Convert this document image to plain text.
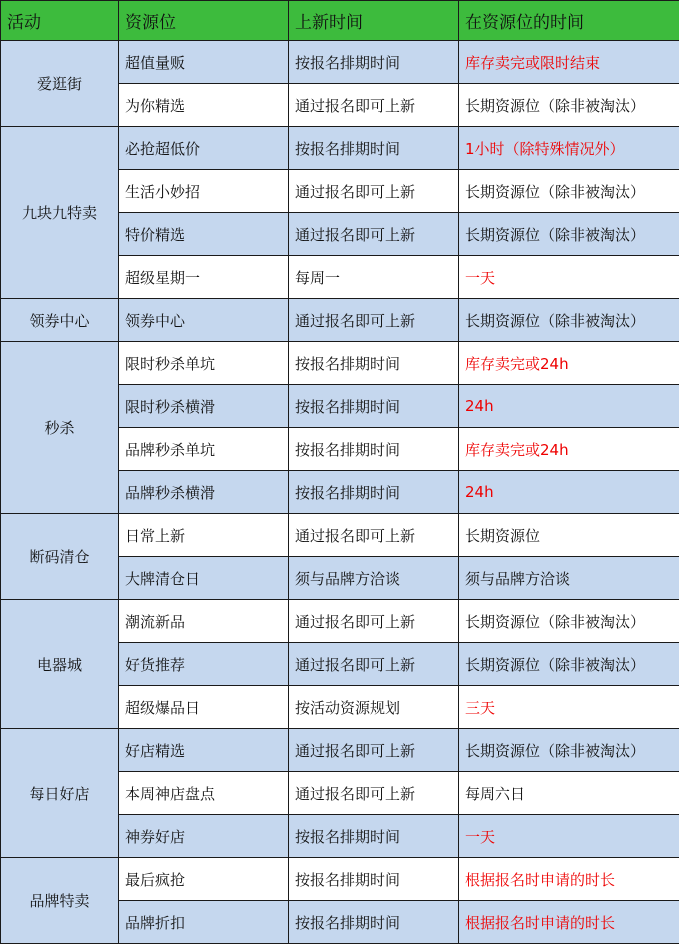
活动	资源位	上新时间	在资源位的时间
爱逛街	超值量贩	按报名排期时间	库存卖完或限时结束
	为你精选	通过报名即可上新	长期资源位（除非被淘汰）
九块九特卖	必抢超低价	按报名排期时间	1小时（除特殊情况外）
	生活小妙招	通过报名即可上新	长期资源位（除非被淘汰）
	特价精选	通过报名即可上新	长期资源位（除非被淘汰）
	超级星期一	每周一	一天
领券中心	领券中心	通过报名即可上新	长期资源位（除非被淘汰）
秒杀	限时秒杀单坑	按报名排期时间	库存卖完或24h
	限时秒杀横滑	按报名排期时间	24h
	品牌秒杀单坑	按报名排期时间	库存卖完或24h
	品牌秒杀横滑	按报名排期时间	24h
断码清仓	日常上新	通过报名即可上新	长期资源位
	大牌清仓日	须与品牌方洽谈	须与品牌方洽谈
电器城	潮流新品	通过报名即可上新	长期资源位（除非被淘汰）
	好货推荐	通过报名即可上新	长期资源位（除非被淘汰）
	超级爆品日	按活动资源规划	三天
每日好店	好店精选	通过报名即可上新	长期资源位（除非被淘汰）
	本周神店盘点	通过报名即可上新	每周六日
	神券好店	按报名排期时间	一天
品牌特卖	最后疯抢	按报名排期时间	根据报名时申请的时长
	品牌折扣	按报名排期时间	根据报名时申请的时长
